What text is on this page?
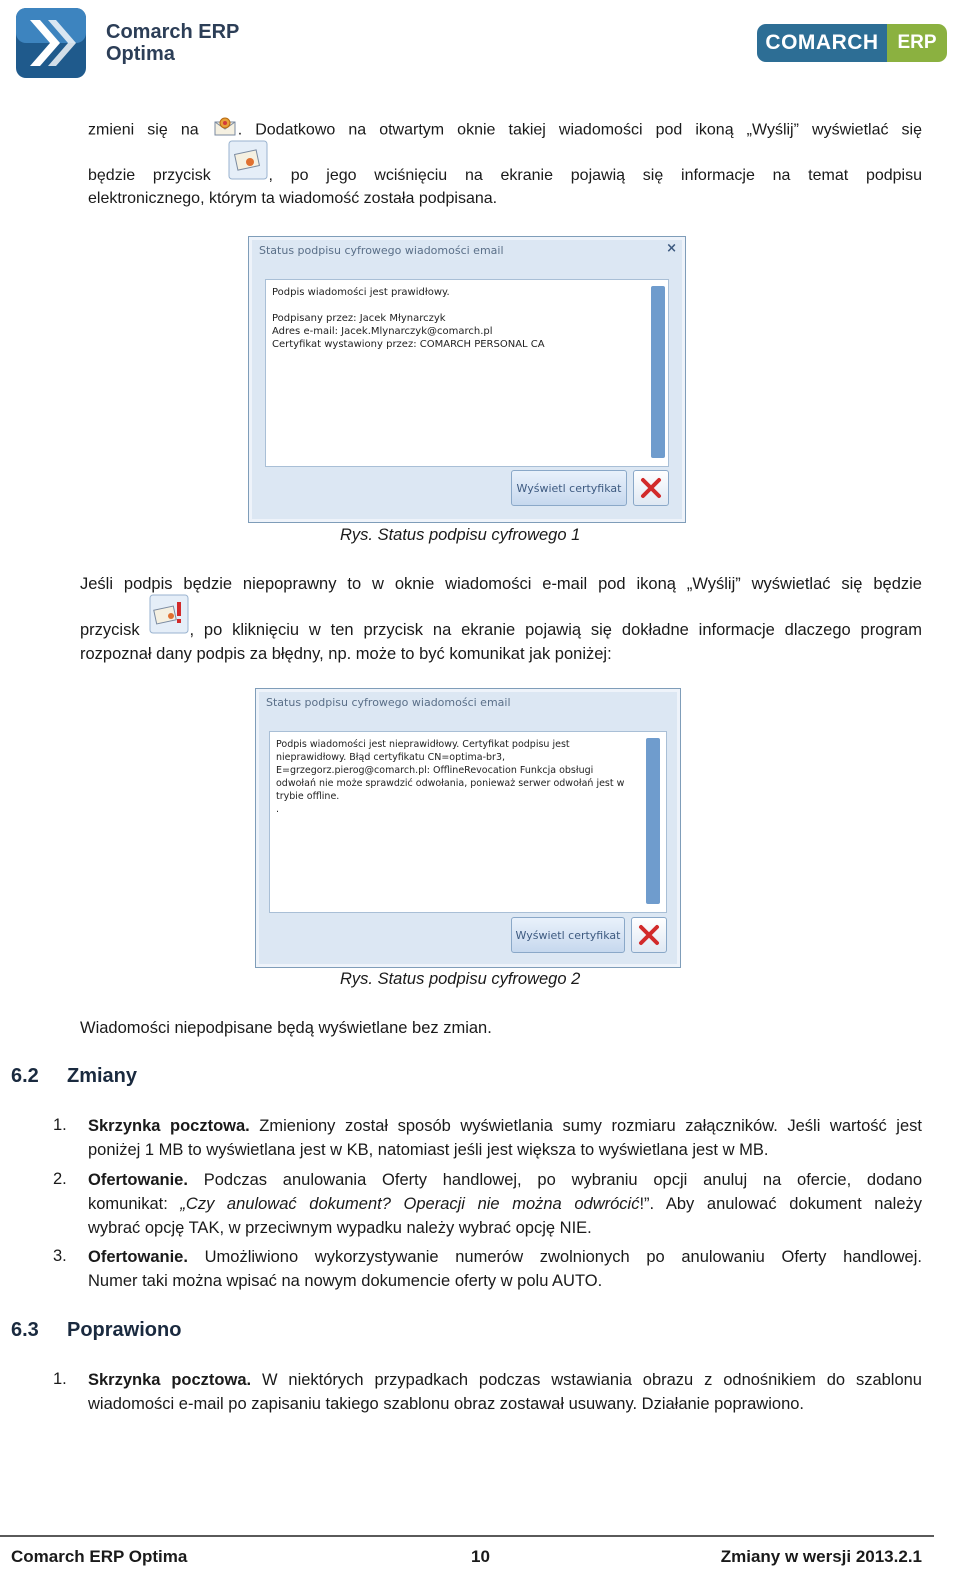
Comarch ERP
Optima	COMARCH ERP
zmieni się na . Dodatkowo na otwartym oknie takiej wiadomości pod ikoną „Wyślij” wyświetlać się
będzie przycisk	, po jego wciśnięciu na ekranie pojawią się informacje na temat podpisu
elektronicznego, którym ta wiadomość została podpisana.
Status podpisu cyfrowego wiadomości email	×
Podpis wiadomości jest prawidłowy.
Podpisany przez: Jacek Młynarczyk
Adres e-mail: Jacek.Mlynarczyk@comarch.pl
Certyfikat wystawiony przez: COMARCH PERSONAL CA
Wyświetl certyfikat
Rys. Status podpisu cyfrowego 1
Jeśli podpis będzie niepoprawny to w oknie wiadomości e-mail pod ikoną „Wyślij” wyświetlać się będzie
przycisk	, po kliknięciu w ten przycisk na ekranie pojawią się dokładne informacje dlaczego program
rozpoznał dany podpis za błędny, np. może to być komunikat jak poniżej:
Status podpisu cyfrowego wiadomości email
Podpis wiadomości jest nieprawidłowy. Certyfikat podpisu jest
nieprawidłowy. Błąd certyfikatu CN=optima-br3,
E=grzegorz.pierog@comarch.pl: OfflineRevocation Funkcja obsługi
odwołań nie może sprawdzić odwołania, ponieważ serwer odwołań jest w
trybie offline.
.
Wyświetl certyfikat
Rys. Status podpisu cyfrowego 2
Wiadomości niepodpisane będą wyświetlane bez zmian.
6.2 Zmiany
1. Skrzynka pocztowa. Zmieniony został sposób wyświetlania sumy rozmiaru załączników. Jeśli wartość jest
poniżej 1 MB to wyświetlana jest w KB, natomiast jeśli jest większa to wyświetlana jest w MB.
2. Ofertowanie. Podczas anulowania Oferty handlowej, po wybraniu opcji anuluj na ofercie, dodano
komunikat: „Czy anulować dokument? Operacji nie można odwrócić!”. Aby anulować dokument należy
wybrać opcję TAK, w przeciwnym wypadku należy wybrać opcję NIE.
3. Ofertowanie. Umożliwiono wykorzystywanie numerów zwolnionych po anulowaniu Oferty handlowej.
Numer taki można wpisać na nowym dokumencie oferty w polu AUTO.
6.3 Poprawiono
1. Skrzynka pocztowa. W niektórych przypadkach podczas wstawiania obrazu z odnośnikiem do szablonu
wiadomości e-mail po zapisaniu takiego szablonu obraz zostawał usuwany. Działanie poprawiono.
Comarch ERP Optima	10	Zmiany w wersji 2013.2.1
